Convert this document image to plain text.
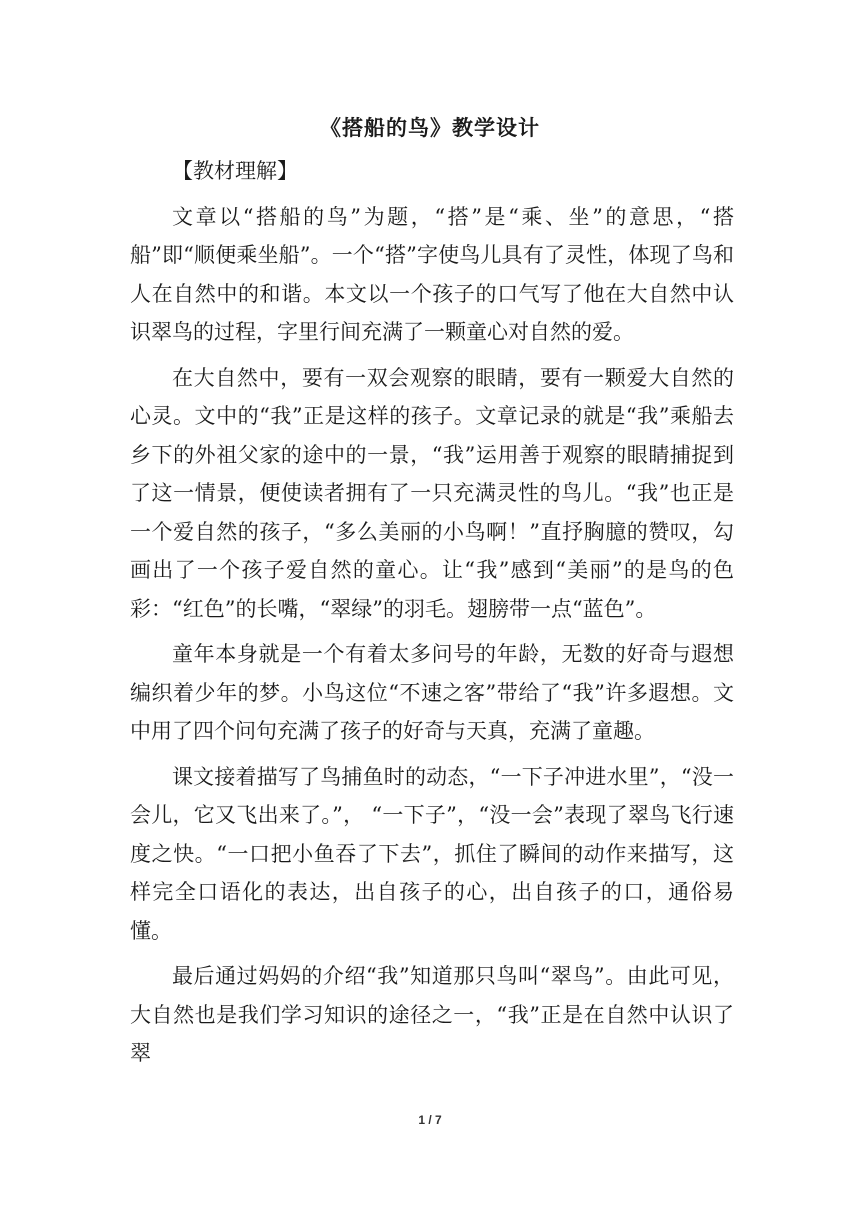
《搭船的鸟》教学设计
【教材理解】

文章以“搭船的鸟”为题，“搭”是“乘、坐”的意思，“搭船”即“顺便乘坐船”。一个“搭”字使鸟儿具有了灵性，体现了鸟和人在自然中的和谐。本文以一个孩子的口气写了他在大自然中认识翠鸟的过程，字里行间充满了一颗童心对自然的爱。

在大自然中，要有一双会观察的眼睛，要有一颗爱大自然的心灵。文中的“我”正是这样的孩子。文章记录的就是“我”乘船去乡下的外祖父家的途中的一景，“我”运用善于观察的眼睛捕捉到了这一情景，便使读者拥有了一只充满灵性的鸟儿。“我”也正是一个爱自然的孩子，“多么美丽的小鸟啊！”直抒胸臆的赞叹，勾画出了一个孩子爱自然的童心。让“我”感到“美丽”的是鸟的色彩：“红色”的长嘴，“翠绿”的羽毛。翅膀带一点“蓝色”。

童年本身就是一个有着太多问号的年龄，无数的好奇与遐想编织着少年的梦。小鸟这位“不速之客”带给了“我”许多遐想。文中用了四个问句充满了孩子的好奇与天真，充满了童趣。

课文接着描写了鸟捕鱼时的动态，“一下子冲进水里”，“没一会儿，它又飞出来了。”， “一下子”，“没一会”表现了翠鸟飞行速度之快。“一口把小鱼吞了下去”，抓住了瞬间的动作来描写，这样完全口语化的表达，出自孩子的心，出自孩子的口，通俗易懂。

最后通过妈妈的介绍“我”知道那只鸟叫“翠鸟”。由此可见，大自然也是我们学习知识的途径之一，“我”正是在自然中认识了翠

1 / 7
